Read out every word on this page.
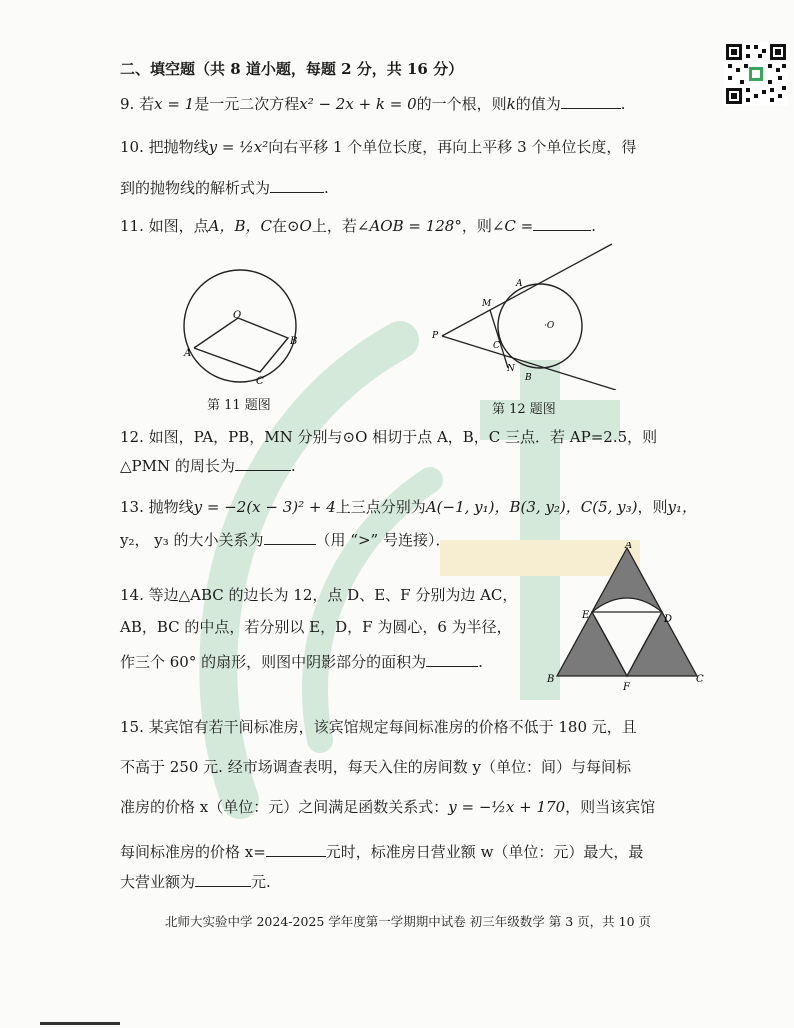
二、填空题（共 8 道小题，每题 2 分，共 16 分）
9. 若x = 1是一元二次方程x² − 2x + k = 0的一个根，则k的值为	.
10. 把抛物线y = ½x²向右平移 1 个单位长度，再向上平移 3 个单位长度，得
到的抛物线的解析式为	.
11. 如图，点A，B，C在⊙O上，若∠AOB = 128°，则∠C =	.
O
A
B
C
第 11 题图
P
M
A
·O
C
N
B
第 12 题图
12. 如图，PA，PB，MN 分别与⊙O 相切于点 A，B，C 三点．若 AP=2.5，则
△PMN 的周长为	.
13. 抛物线y = −2(x − 3)² + 4上三点分别为A(−1, y₁)，B(3, y₂)，C(5, y₃)，则y₁，
y₂， y₃ 的大小关系为	（用 “>” 号连接）．
14. 等边△ABC 的边长为 12，点 D、E、F 分别为边 AC，
AB，BC 的中点，若分别以 E，D，F 为圆心，6 为半径，
作三个 60° 的扇形，则图中阴影部分的面积为	.
A
B	C
D
E
F
15. 某宾馆有若干间标准房，该宾馆规定每间标准房的价格不低于 180 元，且
不高于 250 元. 经市场调查表明，每天入住的房间数 y（单位：间）与每间标
准房的价格 x（单位：元）之间满足函数关系式：y = −½x + 170，则当该宾馆
每间标准房的价格 x=	元时，标准房日营业额 w（单位：元）最大，最
大营业额为	元.
北师大实验中学 2024-2025 学年度第一学期期中试卷 初三年级数学 第 3 页，共 10 页
